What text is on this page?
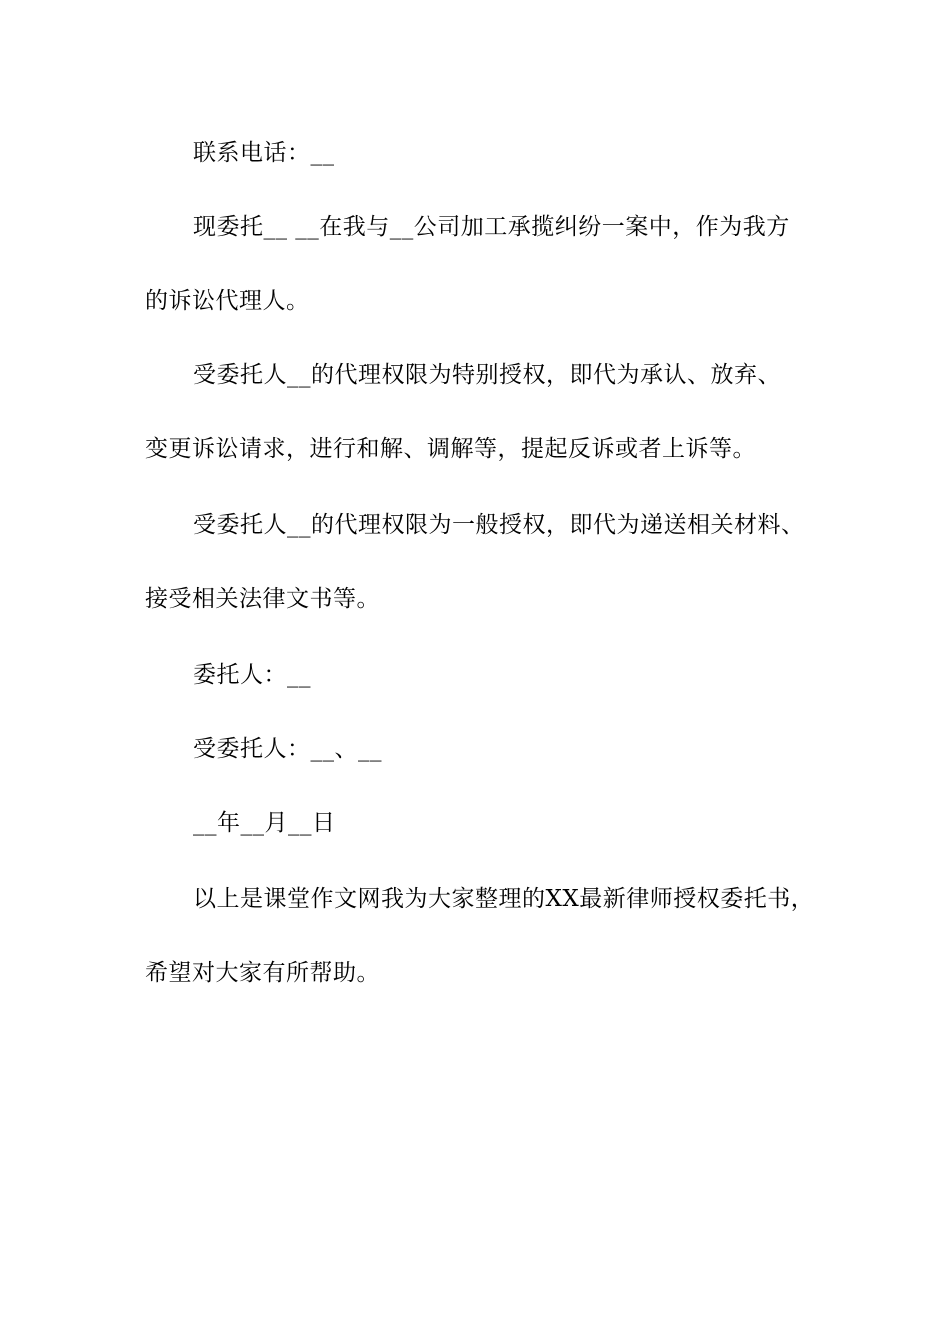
联系电话：__
现委托__ __在我与__公司加工承揽纠纷一案中，作为我方
的诉讼代理人。
受委托人__的代理权限为特别授权，即代为承认、放弃、
变更诉讼请求，进行和解、调解等，提起反诉或者上诉等。
受委托人__的代理权限为一般授权，即代为递送相关材料、
接受相关法律文书等。
委托人：__
受委托人：__、__
__年__月__日
以上是课堂作文网我为大家整理的XX最新律师授权委托书，
希望对大家有所帮助。
